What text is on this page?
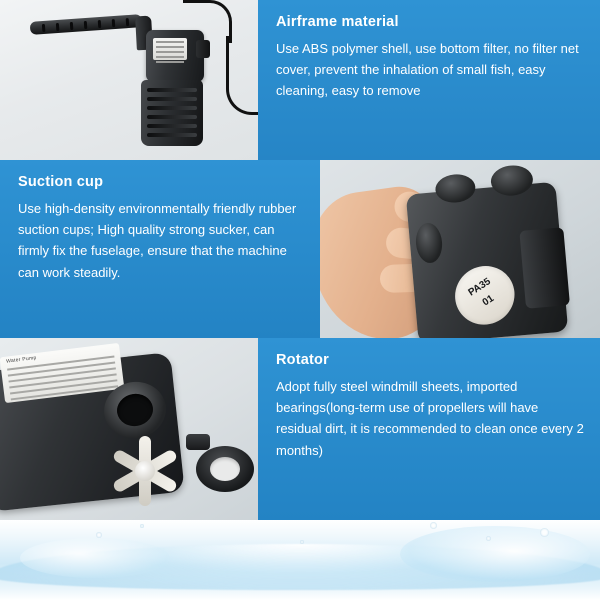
Airframe material

Use ABS polymer shell, use bottom filter, no filter net cover, prevent the inhalation of small fish, easy cleaning, easy to remove

Suction cup

Use high-density environmentally friendly rubber suction cups; High quality strong sucker, can firmly fix the fuselage, ensure that the machine can work steadily.

PA35
01
Water Pump	Rotator

Adopt fully steel windmill sheets, imported bearings(long-term use of propellers will have residual dirt, it is recommended to clean once every 2 months)
